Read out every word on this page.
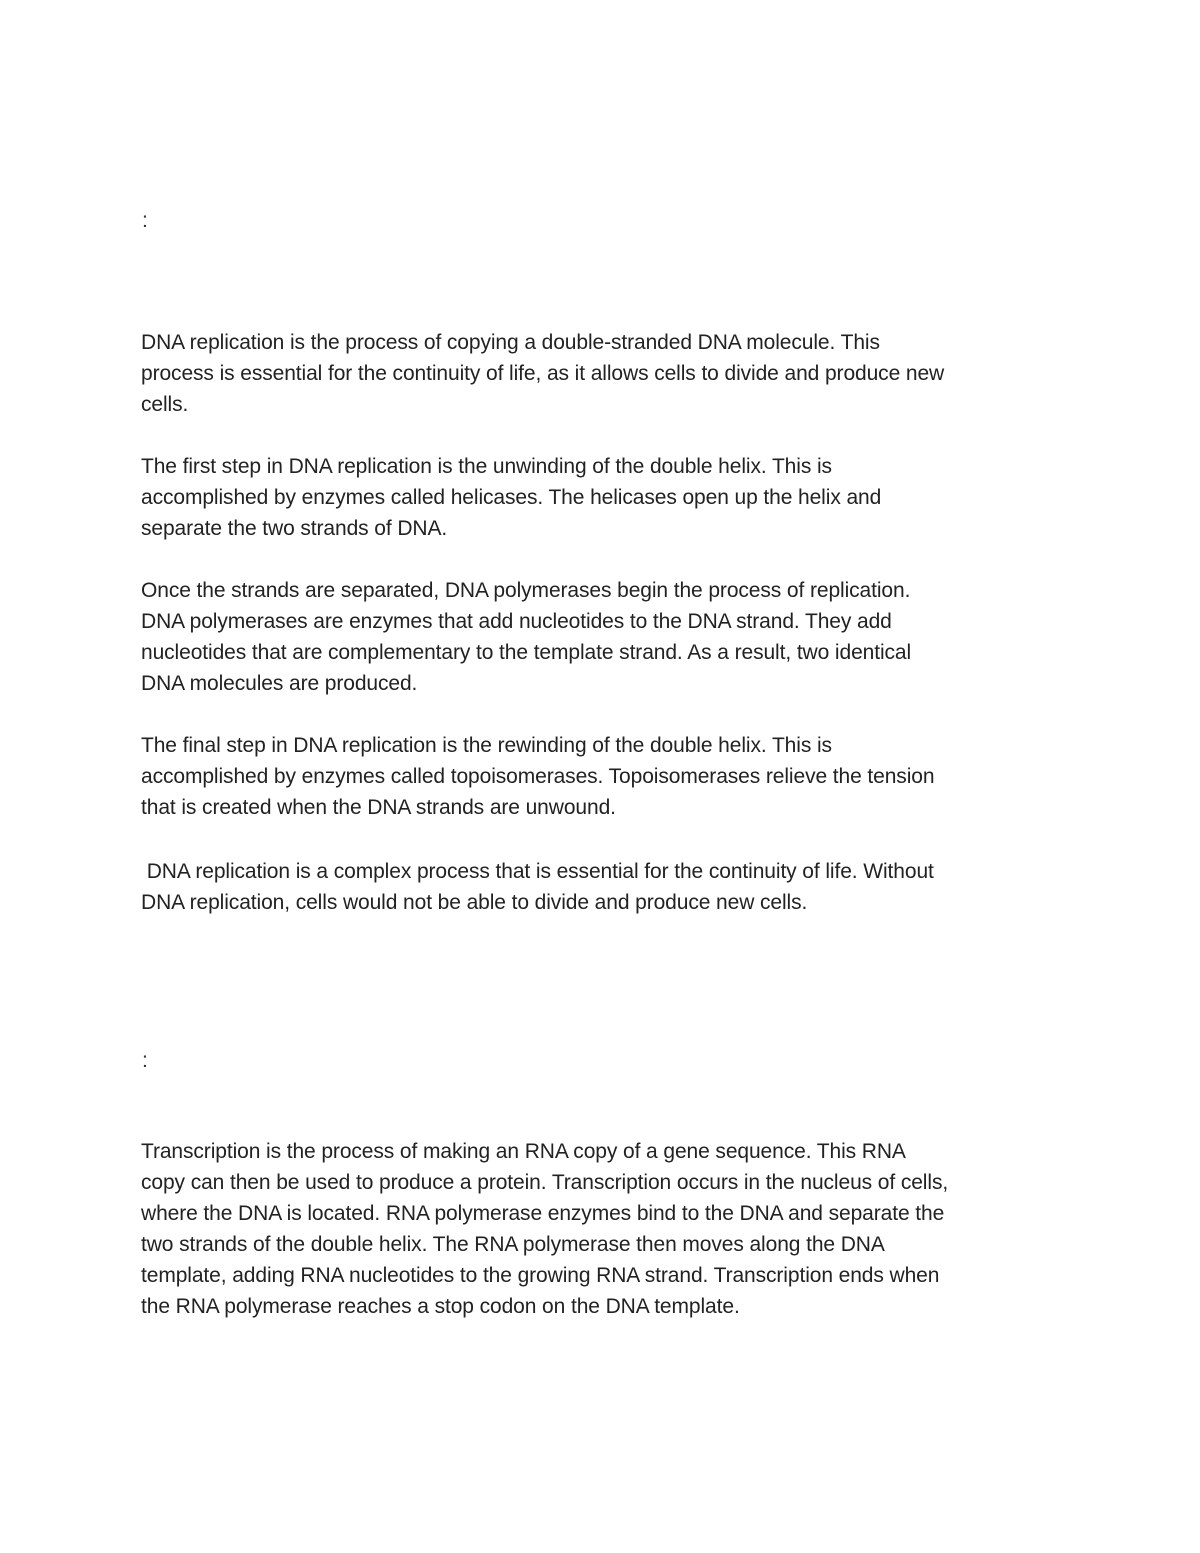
:

DNA replication is the process of copying a double-stranded DNA molecule. This
process is essential for the continuity of life, as it allows cells to divide and produce new
cells.

The first step in DNA replication is the unwinding of the double helix. This is
accomplished by enzymes called helicases. The helicases open up the helix and
separate the two strands of DNA.

Once the strands are separated, DNA polymerases begin the process of replication.
DNA polymerases are enzymes that add nucleotides to the DNA strand. They add
nucleotides that are complementary to the template strand. As a result, two identical
DNA molecules are produced.

The final step in DNA replication is the rewinding of the double helix. This is
accomplished by enzymes called topoisomerases. Topoisomerases relieve the tension
that is created when the DNA strands are unwound.

DNA replication is a complex process that is essential for the continuity of life. Without
DNA replication, cells would not be able to divide and produce new cells.

:

Transcription is the process of making an RNA copy of a gene sequence. This RNA
copy can then be used to produce a protein. Transcription occurs in the nucleus of cells,
where the DNA is located. RNA polymerase enzymes bind to the DNA and separate the
two strands of the double helix. The RNA polymerase then moves along the DNA
template, adding RNA nucleotides to the growing RNA strand. Transcription ends when
the RNA polymerase reaches a stop codon on the DNA template.
